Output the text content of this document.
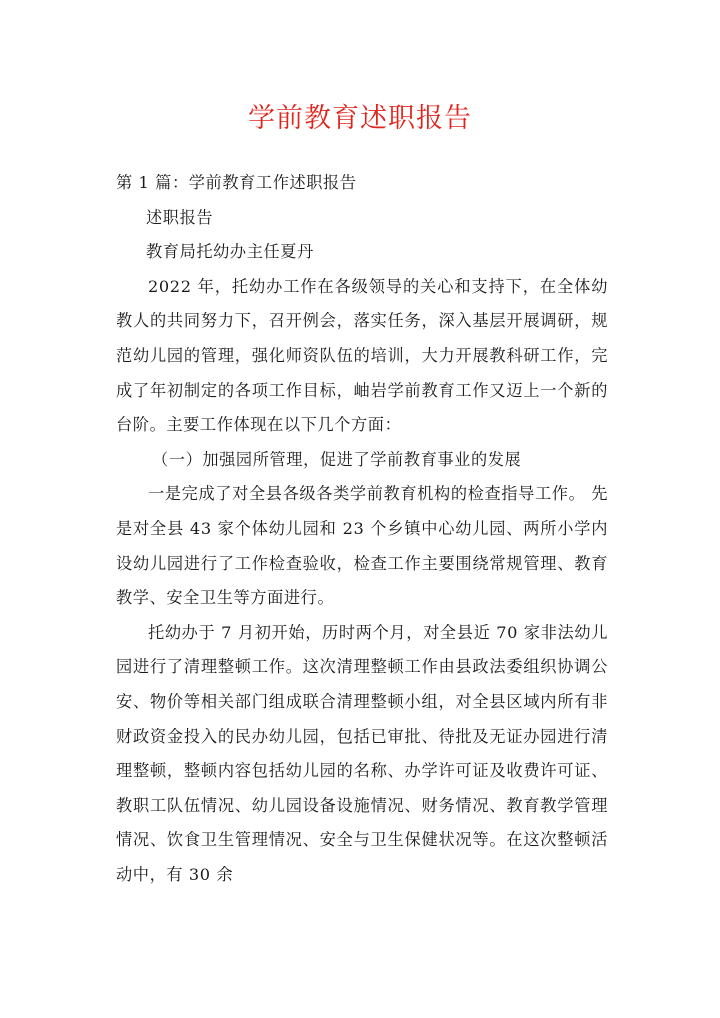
学前教育述职报告

第 1 篇：学前教育工作述职报告

述职报告

教育局托幼办主任夏丹

2022 年，托幼办工作在各级领导的关心和支持下，在全体幼教人的共同努力下，召开例会，落实任务，深入基层开展调研，规范幼儿园的管理，强化师资队伍的培训，大力开展教科研工作，完成了年初制定的各项工作目标，岫岩学前教育工作又迈上一个新的台阶。主要工作体现在以下几个方面：

（一）加强园所管理，促进了学前教育事业的发展

一是完成了对全县各级各类学前教育机构的检查指导工作。 先是对全县 43 家个体幼儿园和 23 个乡镇中心幼儿园、两所小学内设幼儿园进行了工作检查验收，检查工作主要围绕常规管理、教育教学、安全卫生等方面进行。

托幼办于 7 月初开始，历时两个月，对全县近 70 家非法幼儿园进行了清理整顿工作。这次清理整顿工作由县政法委组织协调公安、物价等相关部门组成联合清理整顿小组，对全县区域内所有非财政资金投入的民办幼儿园，包括已审批、待批及无证办园进行清理整顿，整顿内容包括幼儿园的名称、办学许可证及收费许可证、教职工队伍情况、幼儿园设备设施情况、财务情况、教育教学管理情况、饮食卫生管理情况、安全与卫生保健状况等。在这次整顿活动中，有 30 余
